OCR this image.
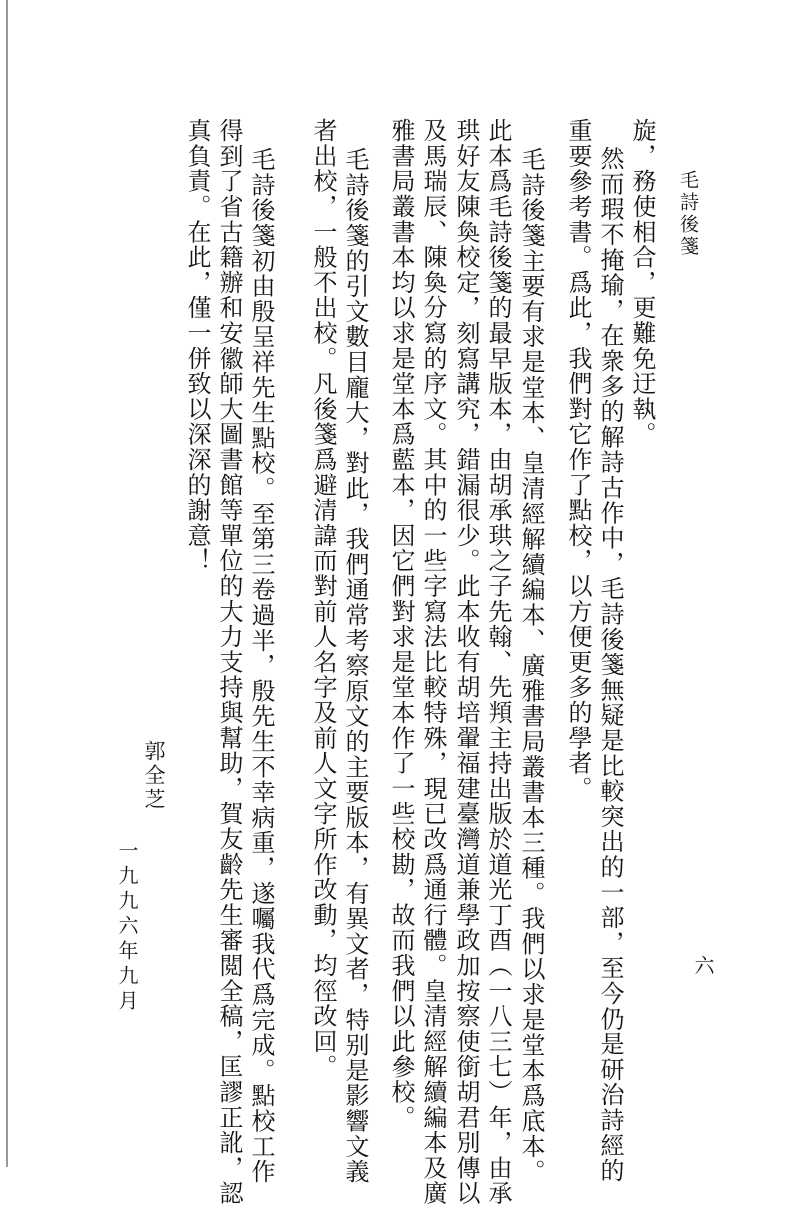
毛詩後箋
六
旋，務使相合，更難免迂執。
然而瑕不掩瑜，在衆多的解詩古作中，毛詩後箋無疑是比較突出的一部，至今仍是研治詩經的
重要參考書。爲此，我們對它作了點校，以方便更多的學者。
毛詩後箋主要有求是堂本、皇清經解續編本、廣雅書局叢書本三種。我們以求是堂本爲底本。
此本爲毛詩後箋的最早版本，由胡承珙之子先翰、先頖主持出版於道光丁酉（一八三七）年，由承
珙好友陳奐校定，刻寫講究，錯漏很少。此本收有胡培翬福建臺灣道兼學政加按察使銜胡君別傳以
及馬瑞辰、陳奐分寫的序文。其中的一些字寫法比較特殊，現已改爲通行體。皇清經解續編本及廣
雅書局叢書本均以求是堂本爲藍本，因它們對求是堂本作了一些校勘，故而我們以此參校。
毛詩後箋的引文數目龐大，對此，我們通常考察原文的主要版本，有異文者，特别是影響文義
者出校，一般不出校。凡後箋爲避清諱而對前人名字及前人文字所作改動，均徑改回。
毛詩後箋初由殷呈祥先生點校。至第三卷過半，殷先生不幸病重，遂囑我代爲完成。點校工作
得到了省古籍辦和安徽師大圖書館等單位的大力支持與幫助，賀友齡先生審閲全稿，匡謬正訛，認
真負責。在此，僅一併致以深深的謝意！
郭全芝
一九九六年九月
